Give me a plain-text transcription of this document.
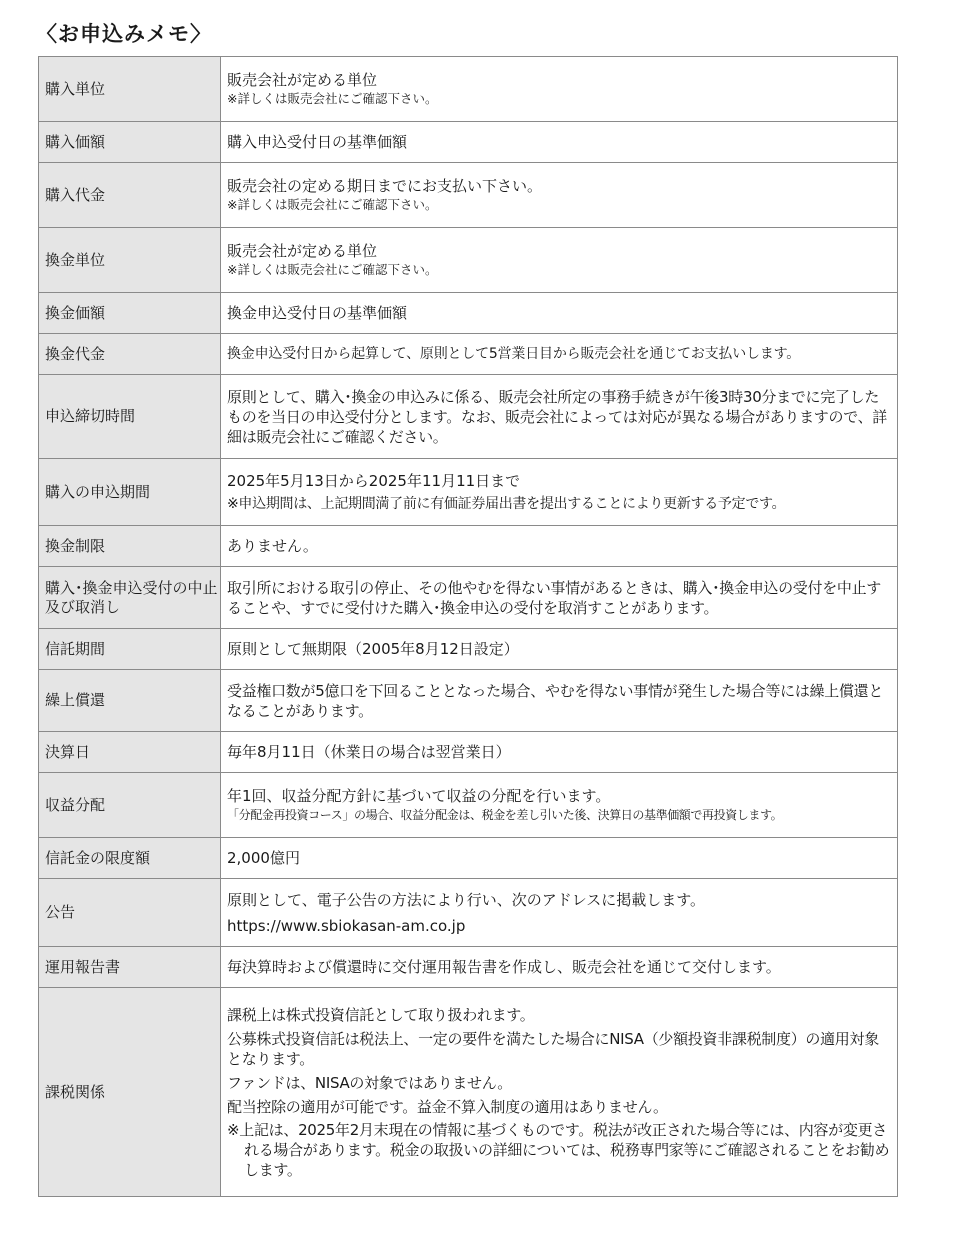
〈お申込みメモ〉
購入単位	販売会社が定める単位
※詳しくは販売会社にご確認下さい。

購入価額	購入申込受付日の基準価額
購入代金	販売会社の定める期日までにお支払い下さい。
※詳しくは販売会社にご確認下さい。

換金単位	販売会社が定める単位
※詳しくは販売会社にご確認下さい。

換金価額	換金申込受付日の基準価額
換金代金	換金申込受付日から起算して、原則として5営業日目から販売会社を通じてお支払いします。
申込締切時間	原則として、購入･換金の申込みに係る、販売会社所定の事務手続きが午後3時30分までに完了したものを当日の申込受付分とします。なお、販売会社によっては対応が異なる場合がありますので、詳細は販売会社にご確認ください。
購入の申込期間	2025年5月13日から2025年11月11日まで
※申込期間は、上記期間満了前に有価証券届出書を提出することにより更新する予定です。

換金制限	ありません。
購入･換金申込受付の中止及び取消し	取引所における取引の停止、その他やむを得ない事情があるときは、購入･換金申込の受付を中止することや、すでに受付けた購入･換金申込の受付を取消すことがあります。
信託期間	原則として無期限（2005年8月12日設定）
繰上償還	受益権口数が5億口を下回ることとなった場合、やむを得ない事情が発生した場合等には繰上償還となることがあります。
決算日	毎年8月11日（休業日の場合は翌営業日）
収益分配	年1回、収益分配方針に基づいて収益の分配を行います。
「分配金再投資コース」の場合、収益分配金は、税金を差し引いた後、決算日の基準価額で再投資します。

信託金の限度額	2,000億円
公告	原則として、電子公告の方法により行い、次のアドレスに掲載します。
https://www.sbiokasan-am.co.jp

運用報告書	毎決算時および償還時に交付運用報告書を作成し、販売会社を通じて交付します。
課税関係	課税上は株式投資信託として取り扱われます。
公募株式投資信託は税法上、一定の要件を満たした場合にNISA（少額投資非課税制度）の適用対象となります。
ファンドは、NISAの対象ではありません。
配当控除の適用が可能です。益金不算入制度の適用はありません。
※上記は、2025年2月末現在の情報に基づくものです。税法が改正された場合等には、内容が変更される場合があります。税金の取扱いの詳細については、税務専門家等にご確認されることをお勧めします。
